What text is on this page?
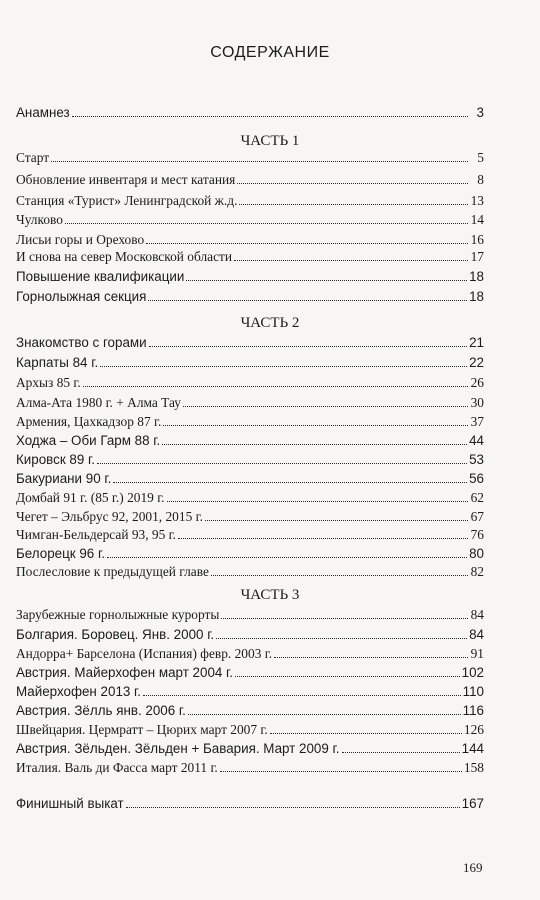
СОДЕРЖАНИЕ
Анамнез	3
ЧАСТЬ 1
Старт	5
Обновление инвентаря и мест катания	8
Станция «Турист» Ленинградской ж.д.	13
Чулково	14
Лисьи горы и Орехово	16
И снова на север Московской области	17
Повышение квалификации	18
Горнолыжная секция	18
ЧАСТЬ 2
Знакомство с горами	21
Карпаты 84 г.	22
Архыз 85 г.	26
Алма-Ата 1980 г. + Алма Тау	30
Армения, Цахкадзор 87 г.	37
Ходжа – Оби Гарм 88 г.	44
Кировск 89 г.	53
Бакуриани 90 г.	56
Домбай 91 г. (85 г.) 2019 г.	62
Чегет – Эльбрус 92, 2001, 2015 г.	67
Чимган-Бельдерсай 93, 95 г.	76
Белорецк 96 г.	80
Послесловие к предыдущей главе	82
ЧАСТЬ 3
Зарубежные горнолыжные курорты	84
Болгария. Боровец. Янв. 2000 г.	84
Андорра+ Барселона (Испания) февр. 2003 г.	91
Австрия. Майерхофен март 2004 г.	102
Майерхофен 2013 г.	110
Австрия. Зёлль янв. 2006 г.	116
Швейцария. Цермратт – Цюрих март 2007 г.	126
Австрия. Зёльден. Зёльден + Бавария. Март 2009 г.	144
Италия. Валь ди Фасса март 2011 г.	158
Финишный выкат	167
169
